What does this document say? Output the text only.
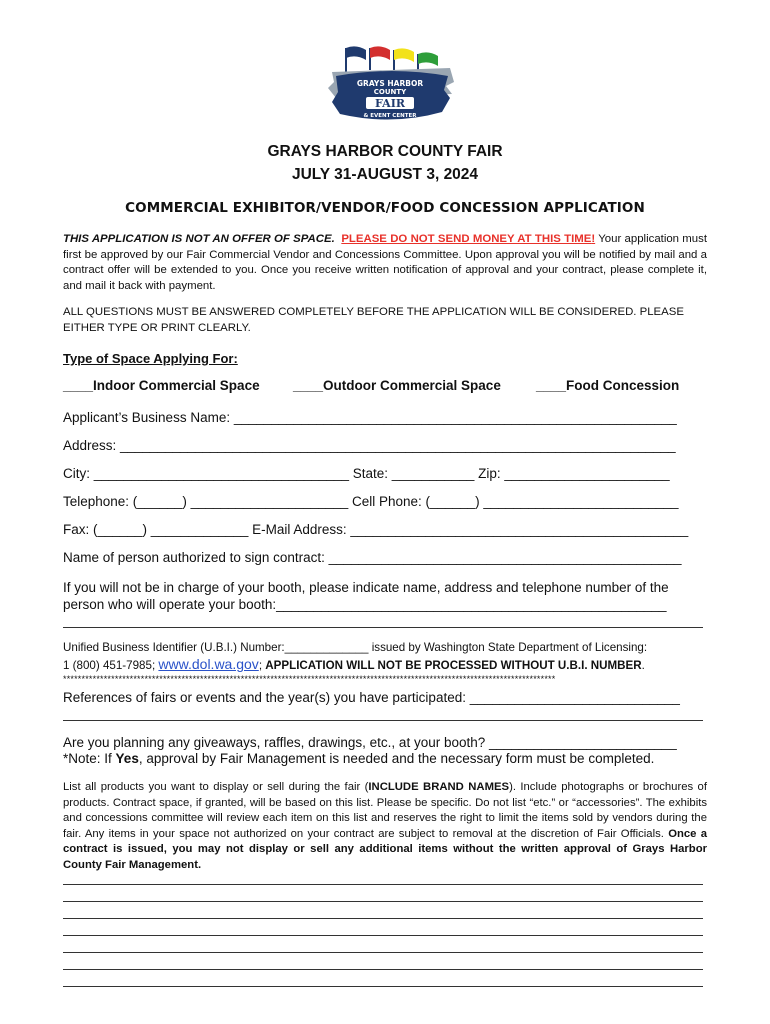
GRAYS HARBOR
COUNTY
FAIR
& EVENT CENTER
GRAYS HARBOR COUNTY FAIR
JULY 31-AUGUST 3, 2024
COMMERCIAL EXHIBITOR/VENDOR/FOOD CONCESSION APPLICATION
THIS APPLICATION IS NOT AN OFFER OF SPACE. PLEASE DO NOT SEND MONEY AT THIS TIME! Your application must first be approved by our Fair Commercial Vendor and Concessions Committee. Upon approval you will be notified by mail and a contract offer will be extended to you. Once you receive written notification of approval and your contract, please complete it, and mail it back with payment.
ALL QUESTIONS MUST BE ANSWERED COMPLETELY BEFORE THE APPLICATION WILL BE CONSIDERED. PLEASE EITHER TYPE OR PRINT CLEARLY.
Type of Space Applying For:
____Indoor Commercial Space ____Outdoor Commercial Space	____Food Concession
Applicant’s Business Name: ___________________________________________________________
Address: __________________________________________________________________________
City: __________________________________ State: ___________ Zip: ______________________
Telephone: (______) _____________________ Cell Phone: (______) __________________________
Fax: (______) _____________ E-Mail Address: _____________________________________________
Name of person authorized to sign contract: _______________________________________________
If you will not be in charge of your booth, please indicate name, address and telephone number of the
person who will operate your booth:____________________________________________________
Unified Business Identifier (U.B.I.) Number:_____________ issued by Washington State Department of Licensing:
1 (800) 451-7985; www.dol.wa.gov; APPLICATION WILL NOT BE PROCESSED WITHOUT U.B.I. NUMBER.
*************************************************************************************************************************************
References of fairs or events and the year(s) you have participated: ____________________________
Are you planning any giveaways, raffles, drawings, etc., at your booth? _________________________
*Note: If Yes, approval by Fair Management is needed and the necessary form must be completed.
List all products you want to display or sell during the fair (INCLUDE BRAND NAMES). Include photographs or brochures of products. Contract space, if granted, will be based on this list. Please be specific. Do not list “etc.” or “accessories”. The exhibits and concessions committee will review each item on this list and reserves the right to limit the items sold by vendors during the fair. Any items in your space not authorized on your contract are subject to removal at the discretion of Fair Officials. Once a contract is issued, you may not display or sell any additional items without the written approval of Grays Harbor County Fair Management.
